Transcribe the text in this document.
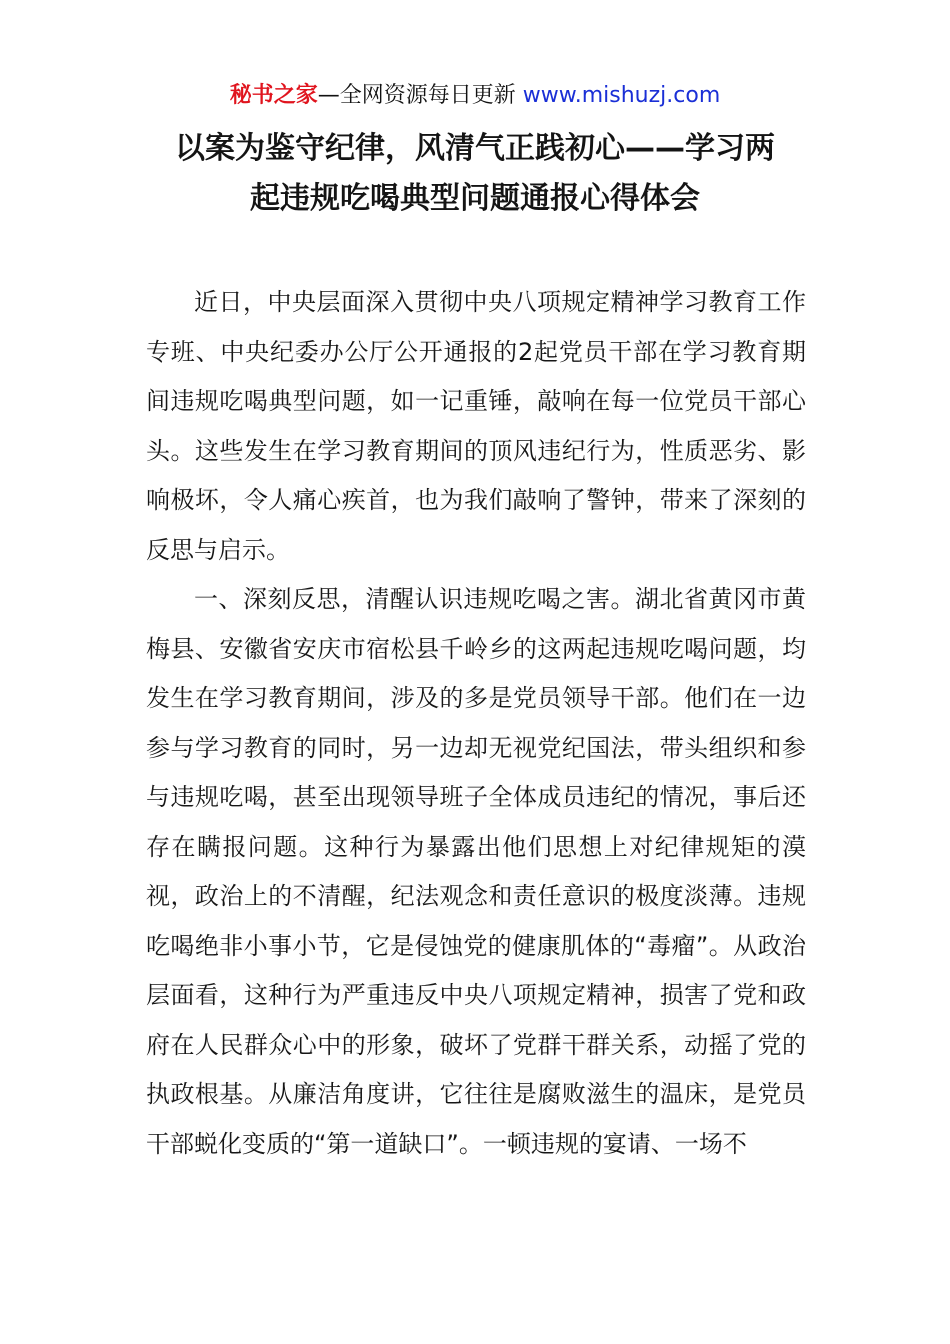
秘书之家—全网资源每日更新 www.mishuzj.com
以案为鉴守纪律，风清气正践初心——学习两
起违规吃喝典型问题通报心得体会

近日，中央层面深入贯彻中央八项规定精神学习教育工作专班、中央纪委办公厅公开通报的2起党员干部在学习教育期间违规吃喝典型问题，如一记重锤，敲响在每一位党员干部心头。这些发生在学习教育期间的顶风违纪行为，性质恶劣、影响极坏，令人痛心疾首，也为我们敲响了警钟，带来了深刻的反思与启示。

一、深刻反思，清醒认识违规吃喝之害。湖北省黄冈市黄梅县、安徽省安庆市宿松县千岭乡的这两起违规吃喝问题，均发生在学习教育期间，涉及的多是党员领导干部。他们在一边参与学习教育的同时，另一边却无视党纪国法，带头组织和参与违规吃喝，甚至出现领导班子全体成员违纪的情况，事后还存在瞒报问题。这种行为暴露出他们思想上对纪律规矩的漠视，政治上的不清醒，纪法观念和责任意识的极度淡薄。违规吃喝绝非小事小节，它是侵蚀党的健康肌体的“毒瘤”。从政治层面看，这种行为严重违反中央八项规定精神，损害了党和政府在人民群众心中的形象，破坏了党群干群关系，动摇了党的执政根基。从廉洁角度讲，它往往是腐败滋生的温床，是党员干部蜕化变质的“第一道缺口”。一顿违规的宴请、一场不
